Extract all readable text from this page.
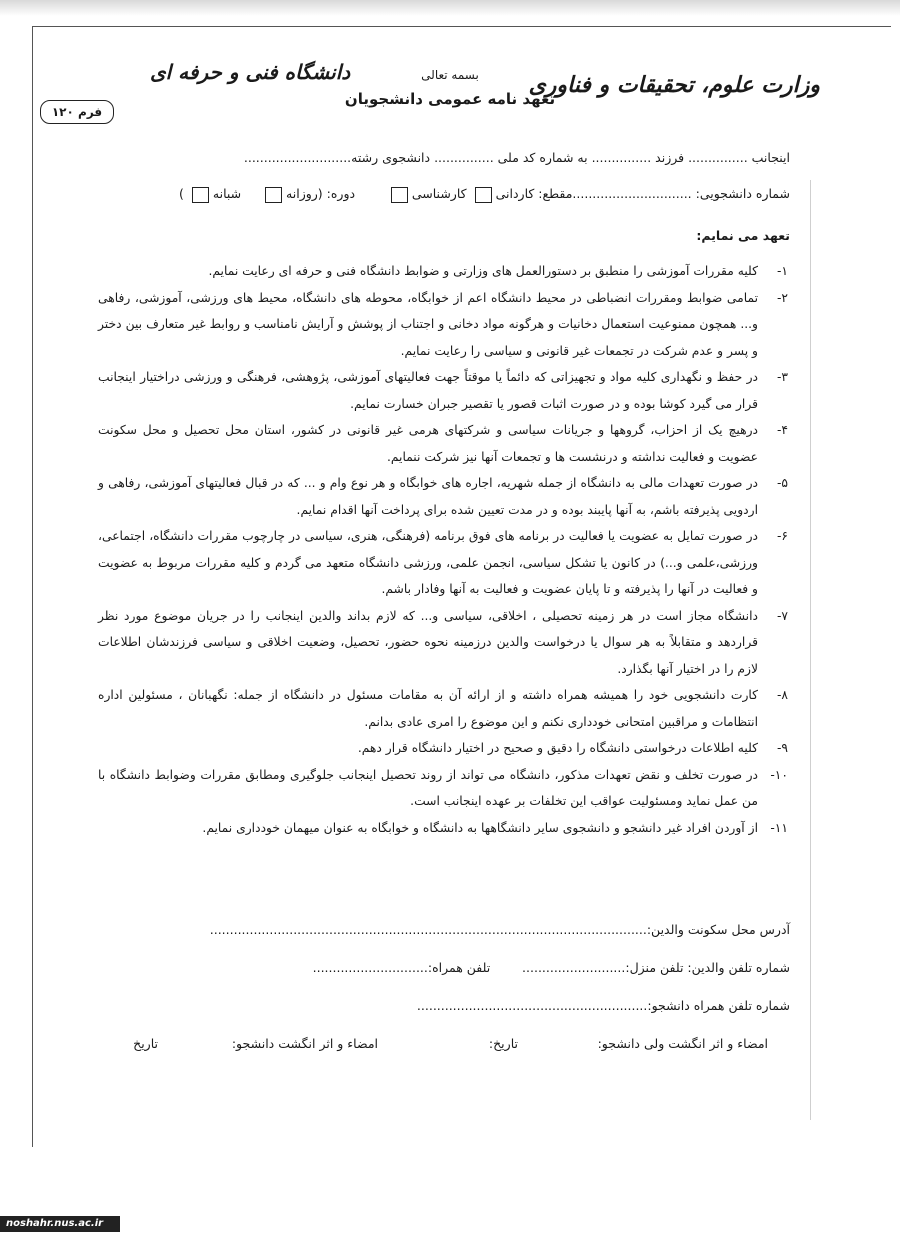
دانشگاه فنی و حرفه ای	وزارت علوم، تحقیقات و فناوری
بسمه تعالی
تعهد نامه عمومی دانشجویان
فرم ۱۲۰
اینجانب ............... فرزند ............... به شماره کد ملی ............... دانشجوی رشته...........................
شماره دانشجویی: ..............................مقطع: کاردانی کارشناسی        دوره: (روزانه     شبانه )
تعهد می نمایم:
۱-

کلیه مقررات آموزشی را منطبق بر دستورالعمل های وزارتی و ضوابط دانشگاه فنی و حرفه ای رعایت نمایم.

۲-

تمامی ضوابط ومقررات انضباطی در محیط دانشگاه اعم از خوابگاه، محوطه های دانشگاه، محیط های ورزشی، آموزشی، رفاهی و... همچون ممنوعیت استعمال دخانیات و هرگونه مواد دخانی و اجتناب از پوشش و آرایش نامناسب و روابط غیر متعارف بین دختر و پسر و عدم شرکت در تجمعات غیر قانونی و سیاسی را رعایت نمایم.

۳-

در حفظ و نگهداری کلیه مواد و تجهیزاتی که دائماً یا موقتاً جهت فعالیتهای آموزشی، پژوهشی، فرهنگی و ورزشی دراختیار اینجانب قرار می گیرد کوشا بوده و در صورت اثبات قصور یا تقصیر جبران خسارت نمایم.

۴-

درهیچ یک از احزاب، گروهها و جریانات سیاسی و شرکتهای هرمی غیر قانونی در کشور، استان محل تحصیل و محل سکونت عضویت و فعالیت نداشته و درنشست ها و تجمعات آنها نیز شرکت ننمایم.

۵-

در صورت تعهدات مالی به دانشگاه از جمله شهریه، اجاره های خوابگاه و هر نوع وام و ... که در قبال فعالیتهای آموزشی، رفاهی و اردویی پذیرفته باشم، به آنها پایبند بوده و در مدت تعیین شده برای پرداخت آنها اقدام نمایم.

۶-

در صورت تمایل به عضویت یا فعالیت در برنامه های فوق برنامه (فرهنگی، هنری، سیاسی در چارچوب مقررات دانشگاه، اجتماعی، ورزشی،علمی و...) در کانون یا تشکل سیاسی، انجمن علمی، ورزشی دانشگاه متعهد می گردم و کلیه مقررات مربوط به عضویت و فعالیت در آنها را پذیرفته و تا پایان عضویت و فعالیت به آنها وفادار باشم.

۷-

دانشگاه مجاز است در هر زمینه تحصیلی ، اخلاقی، سیاسی و... که لازم بداند والدین اینجانب را در جریان موضوع مورد نظر قراردهد و متقابلاً به هر سوال یا درخواست والدین درزمینه نحوه حضور، تحصیل، وضعیت اخلاقی و سیاسی فرزندشان اطلاعات لازم را در اختیار آنها بگذارد.

۸-

کارت دانشجویی خود را همیشه همراه داشته و از ارائه آن به مقامات مسئول در دانشگاه از جمله: نگهبانان ، مسئولین اداره انتظامات و مراقبین امتحانی خودداری نکنم و این موضوع را امری عادی بدانم.

۹-

کلیه اطلاعات درخواستی دانشگاه را دقیق و صحیح در اختیار دانشگاه قرار دهم.

۱۰-

در صورت تخلف و نقض تعهدات مذکور، دانشگاه می تواند از روند تحصیل اینجانب جلوگیری ومطابق مقررات وضوابط دانشگاه با من عمل نماید ومسئولیت عواقب این تخلفات بر عهده اینجانب است.

۱۱-

از آوردن افراد غیر دانشجو و دانشجوی سایر دانشگاهها به دانشگاه و خوابگاه به عنوان میهمان خودداری نمایم.

آدرس محل سکونت والدین:..............................................................................................................
شماره تلفن والدین: تلفن منزل:..........................        تلفن همراه:.............................
شماره تلفن همراه دانشجو:..........................................................
امضاء و اثر انگشت ولی دانشجو:
تاریخ:
امضاء و اثر انگشت دانشجو:
تاریخ
noshahr.nus.ac.ir
